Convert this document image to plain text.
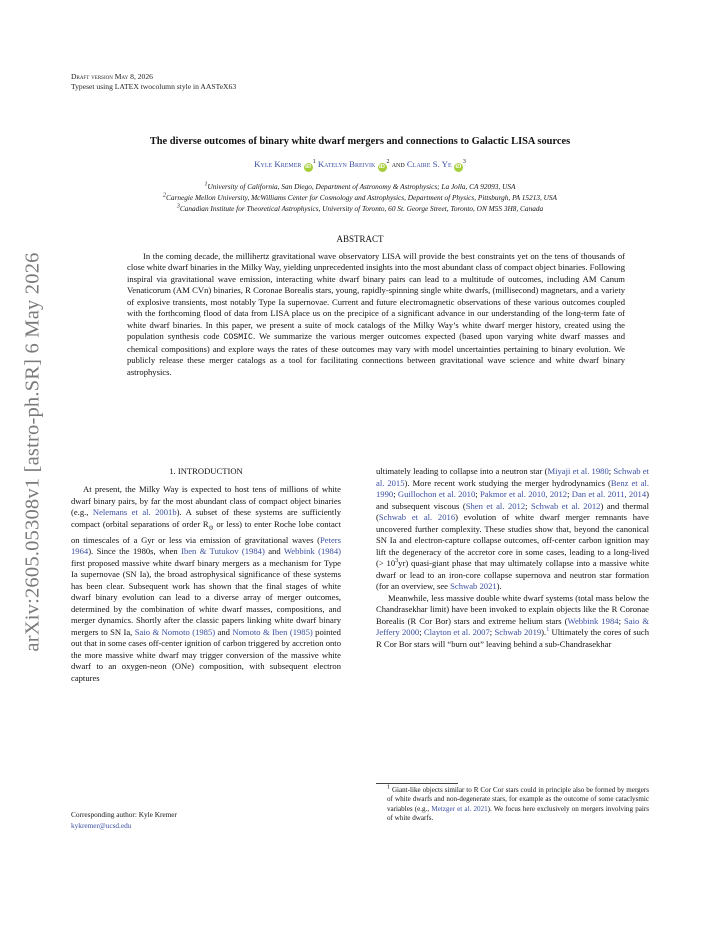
arXiv:2605.05308v1 [astro-ph.SR] 6 May 2026
Draft version May 8, 2026
Typeset using LATEX twocolumn style in AASTeX63
The diverse outcomes of binary white dwarf mergers and connections to Galactic LISA sources
Kyle Kremer $iD^1$ Katelyn Breivik $iD^2$ and Claire S. Ye $iD^3$
$^1$University of California, San Diego, Department of Astronomy & Astrophysics; La Jolla, CA 92093, USA
$^2$Carnegie Mellon University, McWilliams Center for Cosmology and Astrophysics, Department of Physics, Pittsburgh, PA 15213, USA
$^3$Canadian Institute for Theoretical Astrophysics, University of Toronto, 60 St. George Street, Toronto, ON M5S 3H8, Canada
ABSTRACT

In the coming decade, the millihertz gravitational wave observatory LISA will provide the best constraints yet on the tens of thousands of close white dwarf binaries in the Milky Way, yielding unprecedented insights into the most abundant class of compact object binaries. Following inspiral via gravitational wave emission, interacting white dwarf binary pairs can lead to a multitude of outcomes, including AM Canum Venaticorum (AM CVn) binaries, R Coronae Borealis stars, young, rapidly-spinning single white dwarfs, (millisecond) magnetars, and a variety of explosive transients, most notably Type Ia supernovae. Current and future electromagnetic observations of these various outcomes coupled with the forthcoming flood of data from LISA place us on the precipice of a significant advance in our understanding of the long-term fate of white dwarf binaries. In this paper, we present a suite of mock catalogs of the Milky Way’s white dwarf merger history, created using the population synthesis code COSMIC. We summarize the various merger outcomes expected (based upon varying white dwarf masses and chemical compositions) and explore ways the rates of these outcomes may vary with model uncertainties pertaining to binary evolution. We publicly release these merger catalogs as a tool for facilitating connections between gravitational wave science and white dwarf binary astrophysics.

1. INTRODUCTION

At present, the Milky Way is expected to host tens of millions of white dwarf binary pairs, by far the most abundant class of compact object binaries (e.g., Nelemans et al. 2001b). A subset of these systems are sufficiently compact (orbital separations of order $R_⊙$ or less) to enter Roche lobe contact on timescales of a Gyr or less via emission of gravitational waves (Peters 1964). Since the 1980s, when Iben & Tutukov (1984) and Webbink (1984) first proposed massive white dwarf binary mergers as a mechanism for Type Ia supernovae (SN Ia), the broad astrophysical significance of these systems has been clear. Subsequent work has shown that the final stages of white dwarf binary evolution can lead to a diverse array of merger outcomes, determined by the combination of white dwarf masses, compositions, and merger dynamics. Shortly after the classic papers linking white dwarf binary mergers to SN Ia, Saio & Nomoto (1985) and Nomoto & Iben (1985) pointed out that in some cases off-center ignition of carbon triggered by accretion onto the more massive white dwarf may trigger conversion of the massive white dwarf to an oxygen-neon (ONe) composition, with subsequent electron captures

ultimately leading to collapse into a neutron star (Miyaji et al. 1980; Schwab et al. 2015). More recent work studying the merger hydrodynamics (Benz et al. 1990; Guillochon et al. 2010; Pakmor et al. 2010, 2012; Dan et al. 2011, 2014) and subsequent viscous (Shen et al. 2012; Schwab et al. 2012) and thermal (Schwab et al. 2016) evolution of white dwarf merger remnants have uncovered further complexity. These studies show that, beyond the canonical SN Ia and electron-capture collapse outcomes, off-center carbon ignition may lift the degeneracy of the accretor core in some cases, leading to a long-lived (> $10^3yr$) quasi-giant phase that may ultimately collapse into a massive white dwarf or lead to an iron-core collapse supernova and neutron star formation (for an overview, see Schwab 2021).

Meanwhile, less massive double white dwarf systems (total mass below the Chandrasekhar limit) have been invoked to explain objects like the R Coronae Borealis (R Cor Bor) stars and extreme helium stars (Webbink 1984; Saio & Jeffery 2000; Clayton et al. 2007; Schwab 2019).$^1$ Ultimately the cores of such R Cor Bor stars will “burn out” leaving behind a sub-Chandrasekhar

$^1$ Giant-like objects similar to R Cor Cor stars could in principle also be formed by mergers of white dwarfs and non-degenerate stars, for example as the outcome of some cataclysmic variables (e.g., Metzger et al. 2021). We focus here exclusively on mergers involving pairs of white dwarfs.

Corresponding author: Kyle Kremer
kykremer@ucsd.edu
